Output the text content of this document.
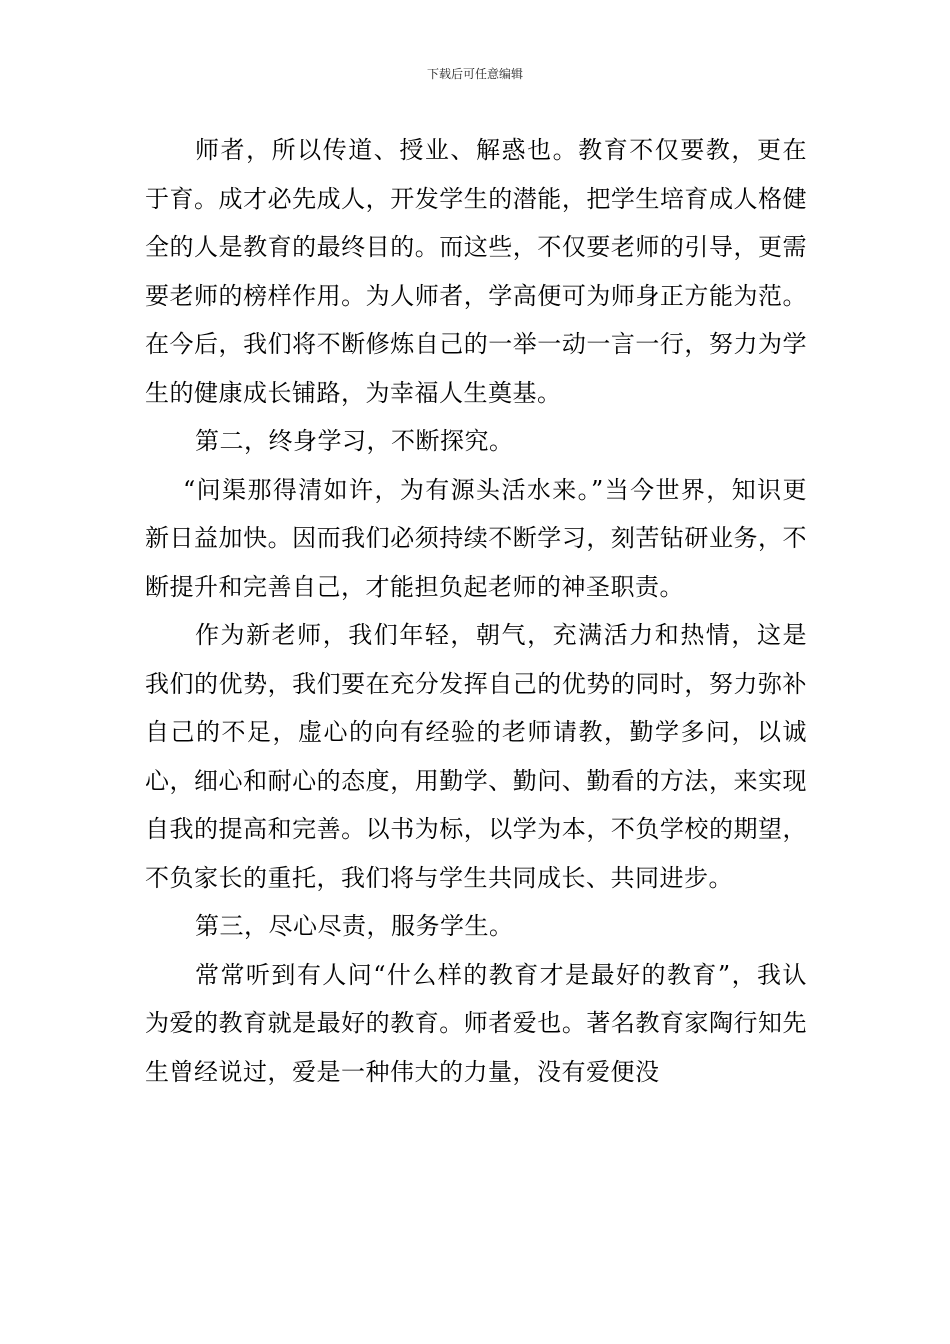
下载后可任意编辑

师者，所以传道、授业、解惑也。教育不仅要教，更在于育。成才必先成人，开发学生的潜能，把学生培育成人格健全的人是教育的最终目的。而这些，不仅要老师的引导，更需要老师的榜样作用。为人师者，学高便可为师身正方能为范。在今后，我们将不断修炼自己的一举一动一言一行，努力为学生的健康成长铺路，为幸福人生奠基。

第二，终身学习，不断探究。

“问渠那得清如许，为有源头活水来。”当今世界，知识更新日益加快。因而我们必须持续不断学习，刻苦钻研业务，不断提升和完善自己，才能担负起老师的神圣职责。

作为新老师，我们年轻，朝气，充满活力和热情，这是我们的优势，我们要在充分发挥自己的优势的同时，努力弥补自己的不足，虚心的向有经验的老师请教，勤学多问，以诚心，细心和耐心的态度，用勤学、勤问、勤看的方法，来实现自我的提高和完善。以书为标，以学为本，不负学校的期望，不负家长的重托，我们将与学生共同成长、共同进步。

第三，尽心尽责，服务学生。

常常听到有人问“什么样的教育才是最好的教育”，我认为爱的教育就是最好的教育。师者爱也。著名教育家陶行知先生曾经说过，爱是一种伟大的力量，没有爱便没
